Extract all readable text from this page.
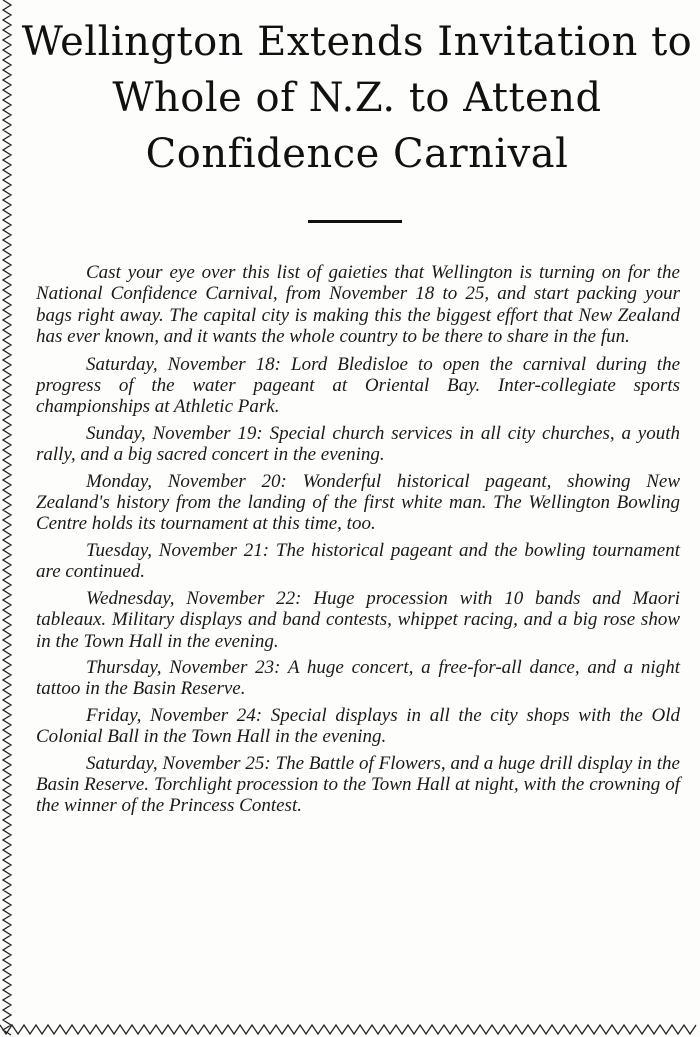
Wellington Extends Invitation to
Whole of N.Z. to Attend
Confidence Carnival

Cast your eye over this list of gaieties that Wellington is turning on for the National Confidence Carnival, from November 18 to 25, and start packing your bags right away. The capital city is making this the biggest effort that New Zealand has ever known, and it wants the whole country to be there to share in the fun.

Saturday, November 18: Lord Bledisloe to open the carnival during the progress of the water pageant at Oriental Bay. Inter-collegiate sports championships at Athletic Park.

Sunday, November 19: Special church services in all city churches, a youth rally, and a big sacred concert in the evening.

Monday, November 20: Wonderful historical pageant, showing New Zealand's history from the landing of the first white man. The Wellington Bowling Centre holds its tournament at this time, too.

Tuesday, November 21: The historical pageant and the bowling tournament are continued.

Wednesday, November 22: Huge procession with 10 bands and Maori tableaux. Military displays and band contests, whippet racing, and a big rose show in the Town Hall in the evening.

Thursday, November 23: A huge concert, a free-for-all dance, and a night tattoo in the Basin Reserve.

Friday, November 24: Special displays in all the city shops with the Old Colonial Ball in the Town Hall in the evening.

Saturday, November 25: The Battle of Flowers, and a huge drill display in the Basin Reserve. Torchlight procession to the Town Hall at night, with the crowning of the winner of the Princess Contest.
